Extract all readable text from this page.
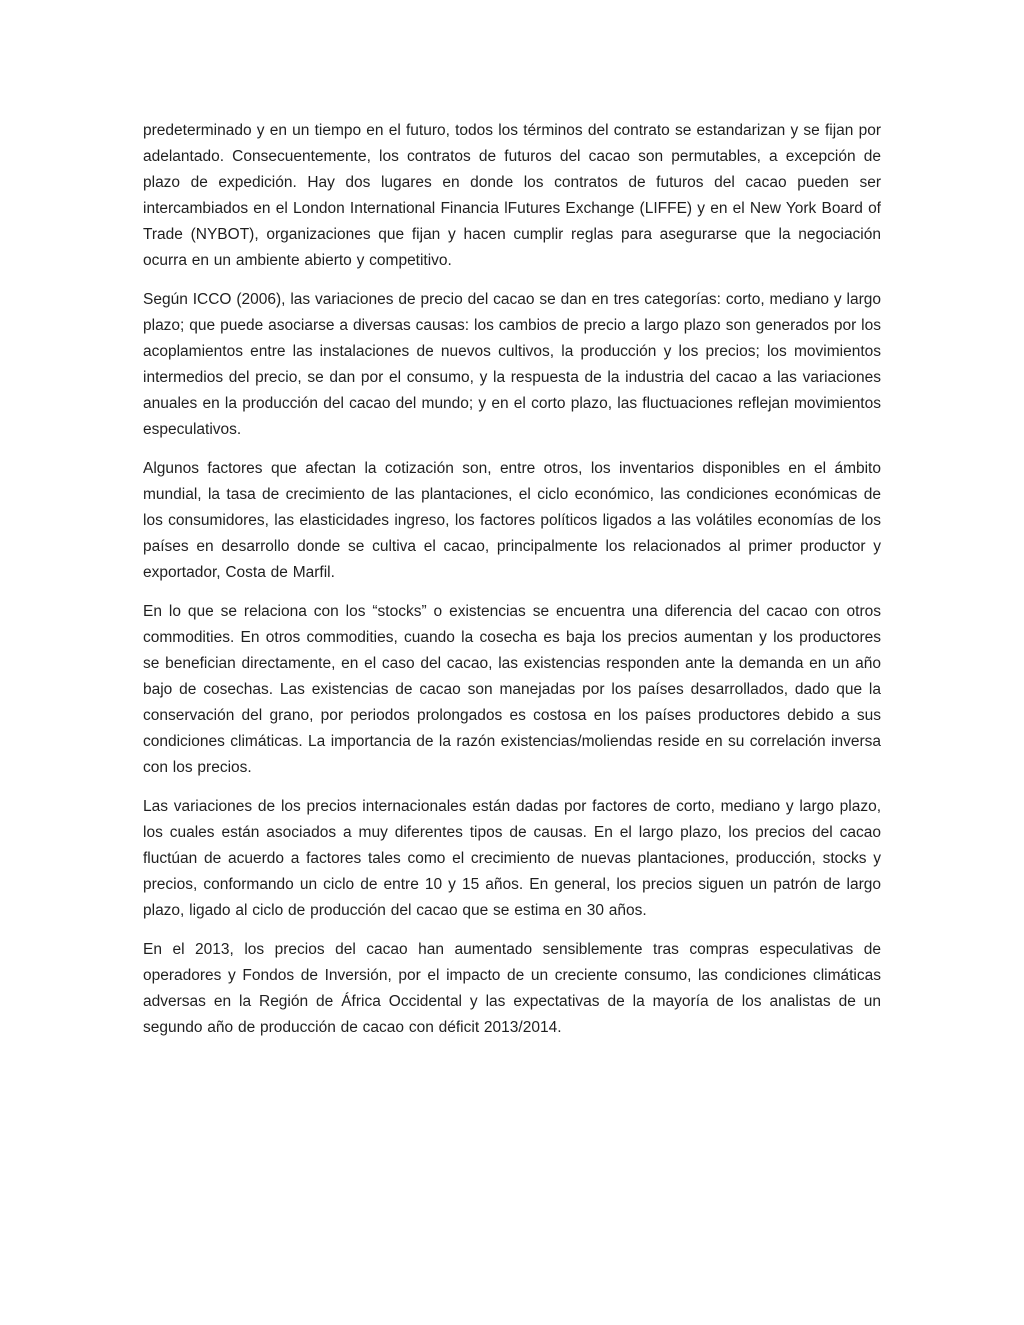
predeterminado y en un tiempo en el futuro, todos los términos del contrato se estandarizan y se fijan por adelantado. Consecuentemente, los contratos de futuros del cacao son permutables, a excepción de plazo de expedición. Hay dos lugares en donde los contratos de futuros del cacao pueden ser intercambiados en el London International Financia lFutures Exchange (LIFFE) y en el New York Board of Trade (NYBOT), organizaciones que fijan y hacen cumplir reglas para asegurarse que la negociación ocurra en un ambiente abierto y competitivo.

Según ICCO (2006), las variaciones de precio del cacao se dan en tres categorías: corto, mediano y largo plazo; que puede asociarse a diversas causas: los cambios de precio a largo plazo son generados por los acoplamientos entre las instalaciones de nuevos cultivos, la producción y los precios; los movimientos intermedios del precio, se dan por el consumo, y la respuesta de la industria del cacao a las variaciones anuales en la producción del cacao del mundo; y en el corto plazo, las fluctuaciones reflejan movimientos especulativos.

Algunos factores que afectan la cotización son, entre otros, los inventarios disponibles en el ámbito mundial, la tasa de crecimiento de las plantaciones, el ciclo económico, las condiciones económicas de los consumidores, las elasticidades ingreso, los factores políticos ligados a las volátiles economías de los países en desarrollo donde se cultiva el cacao, principalmente los relacionados al primer productor y exportador, Costa de Marfil.

En lo que se relaciona con los “stocks” o existencias se encuentra una diferencia del cacao con otros commodities. En otros commodities, cuando la cosecha es baja los precios aumentan y los productores se benefician directamente, en el caso del cacao, las existencias responden ante la demanda en un año bajo de cosechas. Las existencias de cacao son manejadas por los países desarrollados, dado que la conservación del grano, por periodos prolongados es costosa en los países productores debido a sus condiciones climáticas. La importancia de la razón existencias/moliendas reside en su correlación inversa con los precios.

Las variaciones de los precios internacionales están dadas por factores de corto, mediano y largo plazo, los cuales están asociados a muy diferentes tipos de causas. En el largo plazo, los precios del cacao fluctúan de acuerdo a factores tales como el crecimiento de nuevas plantaciones, producción, stocks y precios, conformando un ciclo de entre 10 y 15 años. En general, los precios siguen un patrón de largo plazo, ligado al ciclo de producción del cacao que se estima en 30 años.

En el 2013, los precios del cacao han aumentado sensiblemente tras compras especulativas de operadores y Fondos de Inversión, por el impacto de un creciente consumo, las condiciones climáticas adversas en la Región de África Occidental y las expectativas de la mayoría de los analistas de un segundo año de producción de cacao con déficit 2013/2014.
